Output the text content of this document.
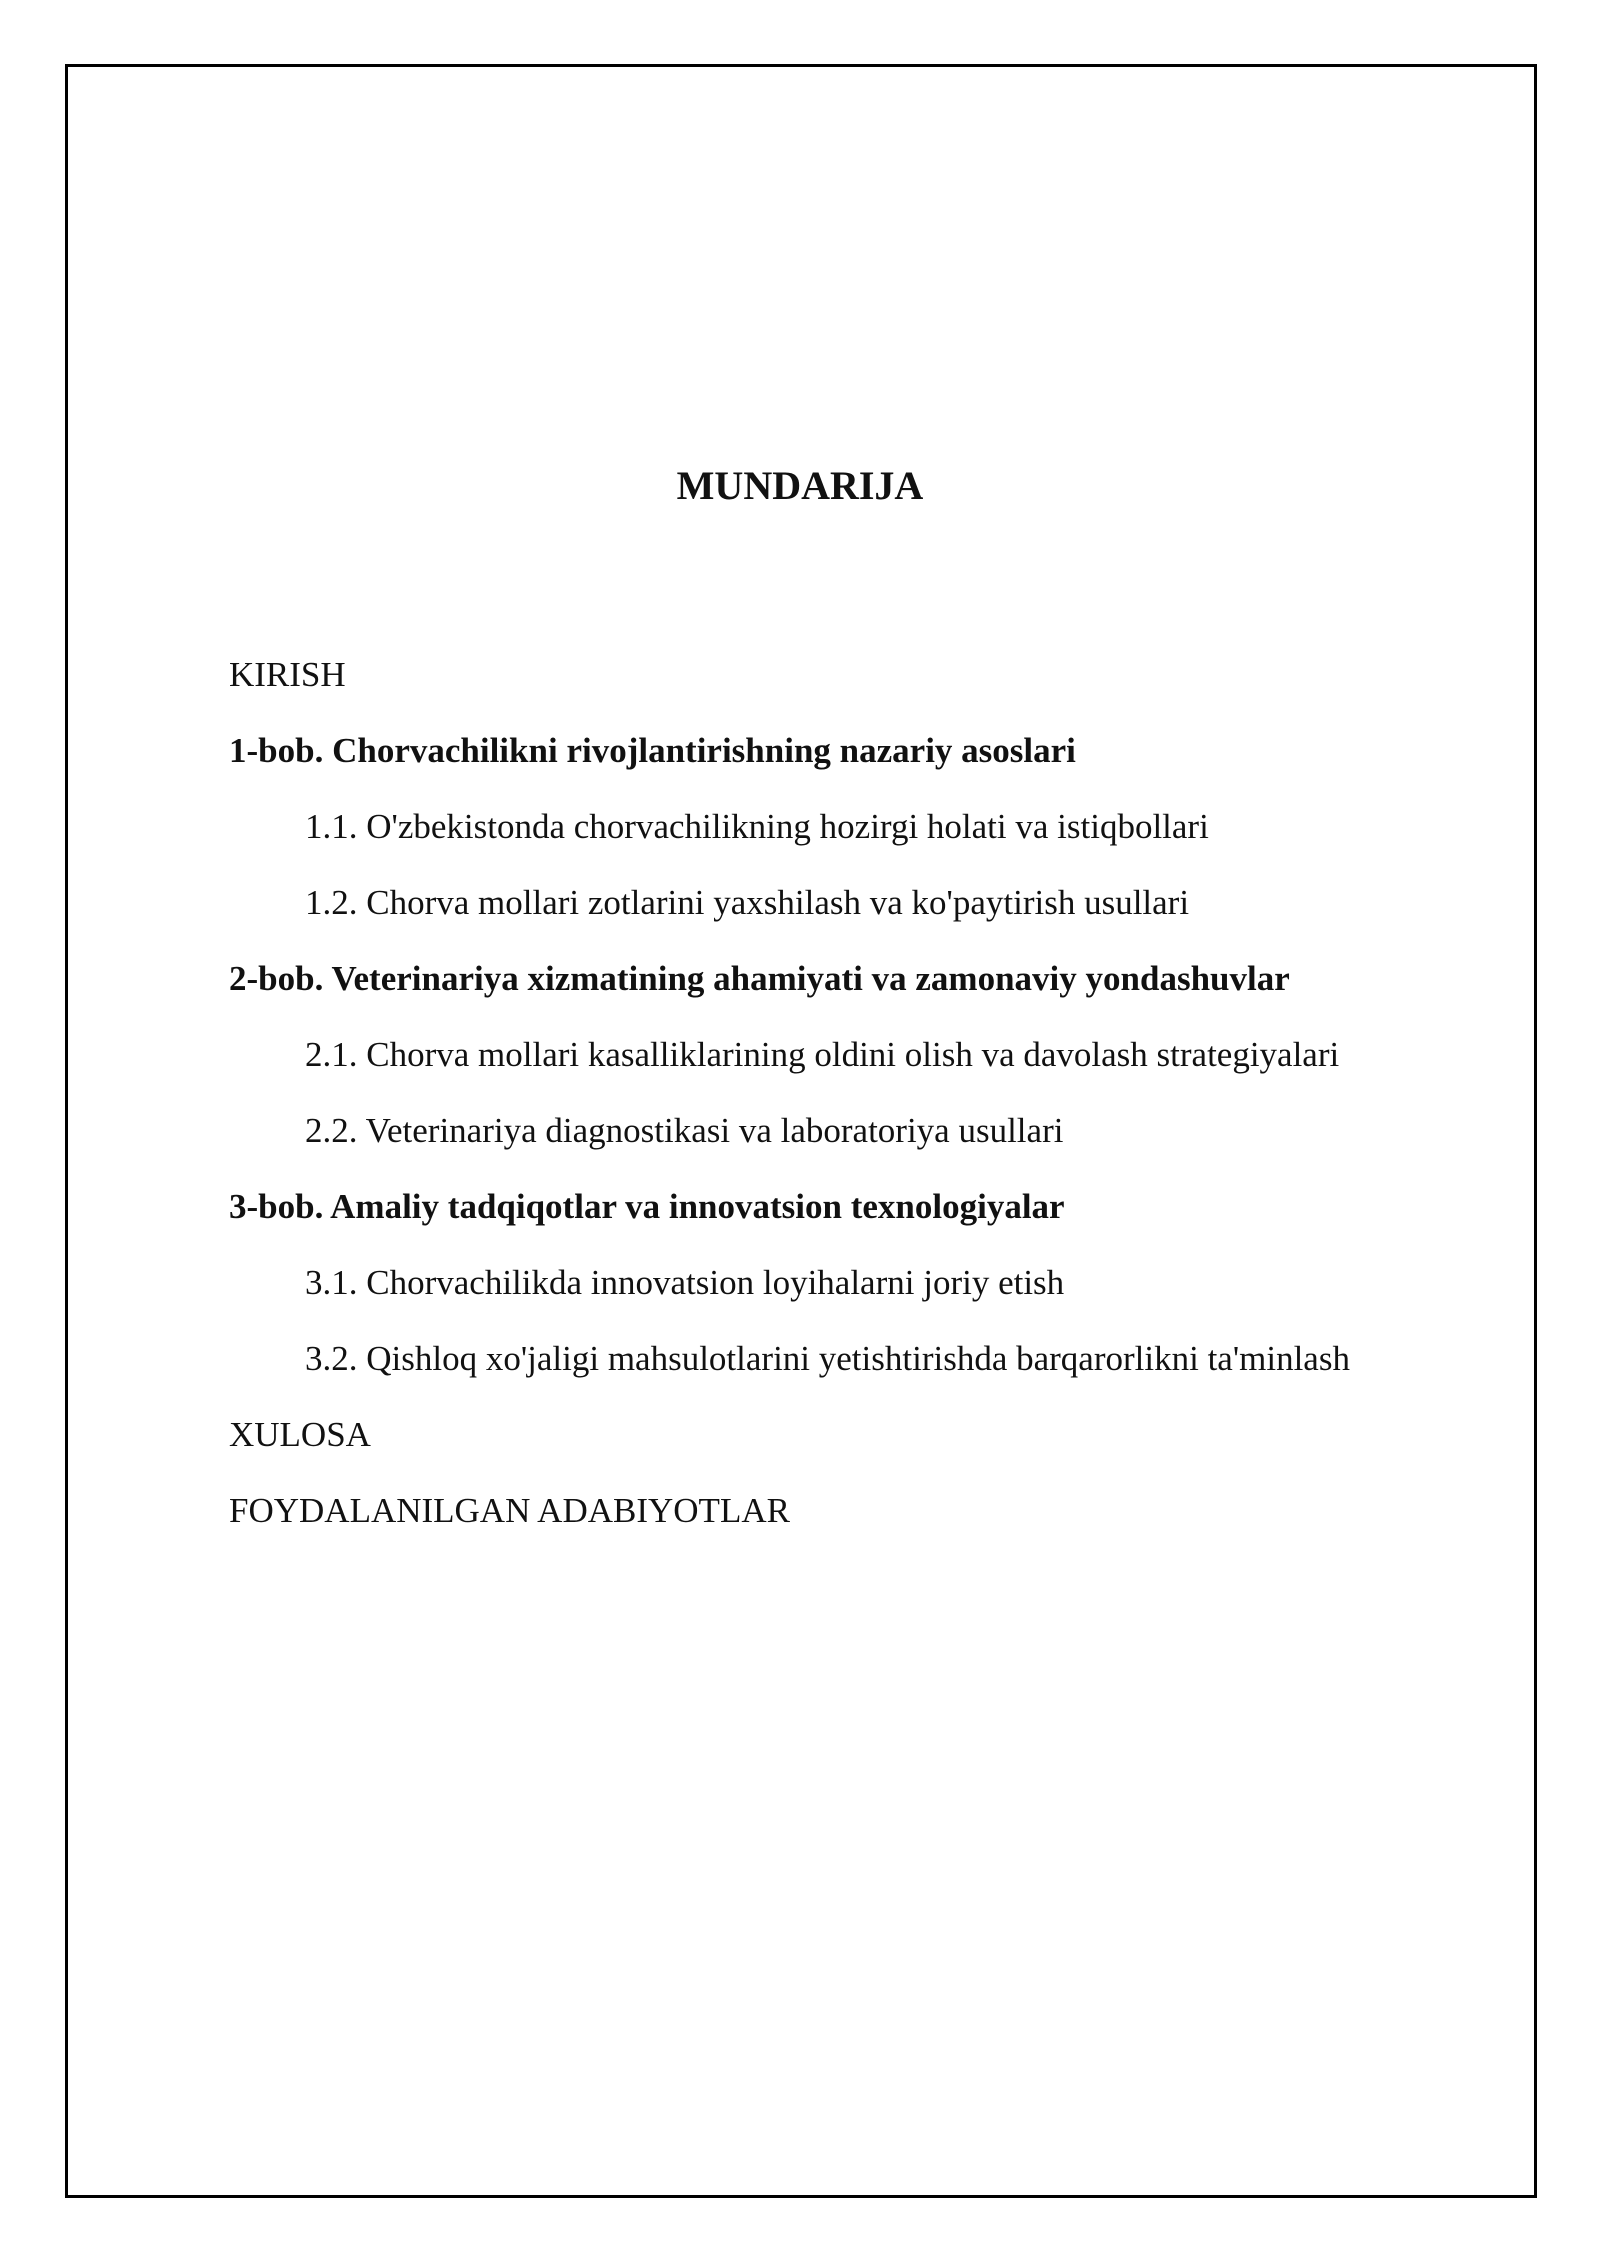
MUNDARIJA
KIRISH
1-bob. Chorvachilikni rivojlantirishning nazariy asoslari
1.1. O'zbekistonda chorvachilikning hozirgi holati va istiqbollari
1.2. Chorva mollari zotlarini yaxshilash va ko'paytirish usullari
2-bob. Veterinariya xizmatining ahamiyati va zamonaviy yondashuvlar
2.1. Chorva mollari kasalliklarining oldini olish va davolash strategiyalari
2.2. Veterinariya diagnostikasi va laboratoriya usullari
3-bob. Amaliy tadqiqotlar va innovatsion texnologiyalar
3.1. Chorvachilikda innovatsion loyihalarni joriy etish
3.2. Qishloq xo'jaligi mahsulotlarini yetishtirishda barqarorlikni ta'minlash
XULOSA
FOYDALANILGAN ADABIYOTLAR
